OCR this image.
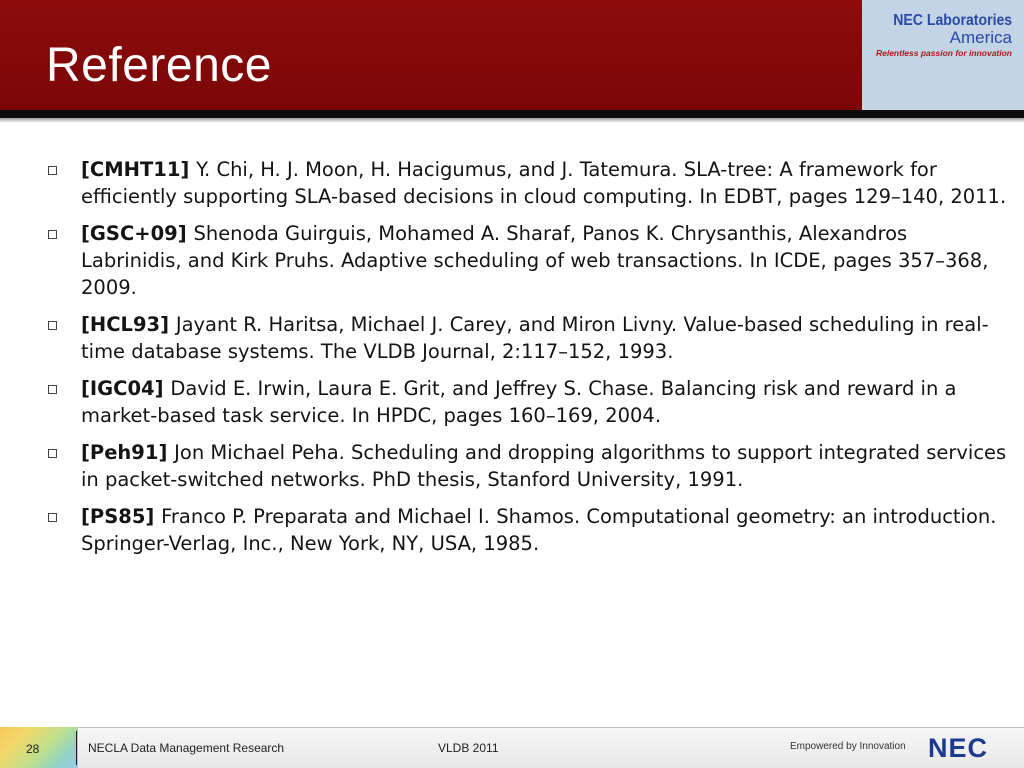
Reference
NEC Laboratories
America
Relentless passion for innovation
[CMHT11] Y. Chi, H. J. Moon, H. Hacigumus, and J. Tatemura. SLA-tree: A framework for efficiently supporting SLA-based decisions in cloud computing. In EDBT, pages 129–140, 2011.
[GSC+09] Shenoda Guirguis, Mohamed A. Sharaf, Panos K. Chrysanthis, Alexandros Labrinidis, and Kirk Pruhs. Adaptive scheduling of web transactions. In ICDE, pages 357–368, 2009.
[HCL93] Jayant R. Haritsa, Michael J. Carey, and Miron Livny. Value-based scheduling in real-time database systems. The VLDB Journal, 2:117–152, 1993.
[IGC04] David E. Irwin, Laura E. Grit, and Jeffrey S. Chase. Balancing risk and reward in a market-based task service. In HPDC, pages 160–169, 2004.
[Peh91] Jon Michael Peha. Scheduling and dropping algorithms to support integrated services in packet-switched networks. PhD thesis, Stanford University, 1991.
[PS85] Franco P. Preparata and Michael I. Shamos. Computational geometry: an introduction. Springer-Verlag, Inc., New York, NY, USA, 1985.
28	NECLA Data Management Research	VLDB 2011	Empowered by Innovation NEC
